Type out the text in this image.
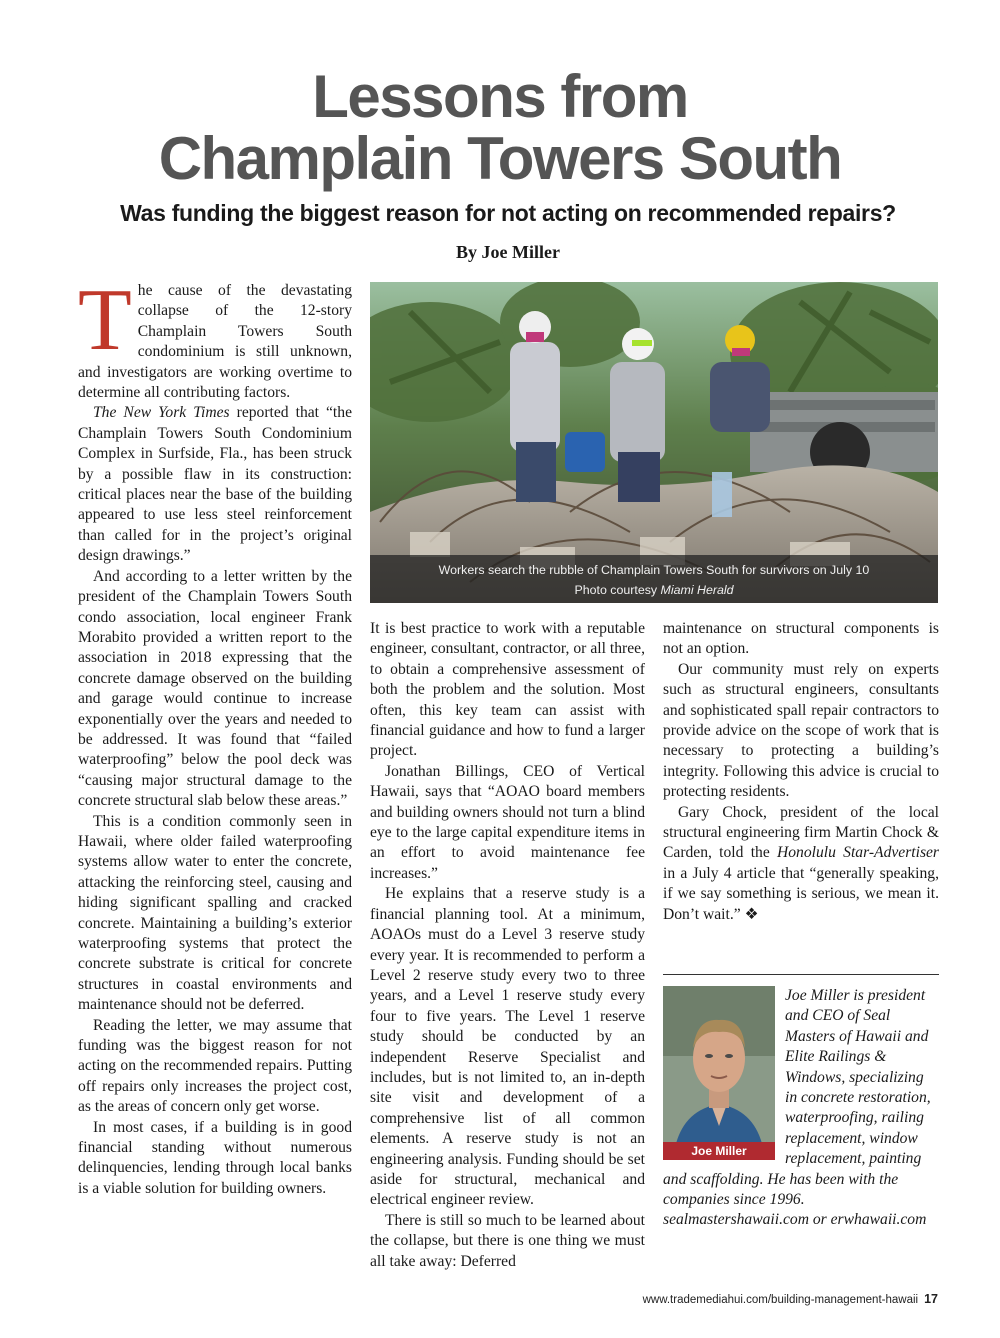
Lessons from
Champlain Towers South
Was funding the biggest reason for not acting on recommended repairs?
By Joe Miller

The cause of the devastating collapse of the 12-story Champlain Towers South condominium is still unknown, and investigators are working overtime to determine all contributing factors.

The New York Times reported that “the Champlain Towers South Condominium Complex in Surfside, Fla., has been struck by a possible flaw in its construction: critical places near the base of the building appeared to use less steel reinforcement than called for in the project’s original design drawings.”

And according to a letter written by the president of the Champlain Towers South condo association, local engineer Frank Morabito provided a written report to the association in 2018 expressing that the concrete damage observed on the building and garage would continue to increase exponentially over the years and needed to be addressed. It was found that “failed waterproofing” below the pool deck was “causing major structural damage to the concrete structural slab below these areas.”

This is a condition commonly seen in Hawaii, where older failed waterproofing systems allow water to enter the concrete, attacking the reinforcing steel, causing and hiding significant spalling and cracked concrete. Maintaining a building’s exterior waterproofing systems that protect the concrete substrate is critical for concrete structures in coastal environments and maintenance should not be deferred.

Reading the letter, we may assume that funding was the biggest reason for not acting on the recommended repairs. Putting off repairs only increases the project cost, as the areas of concern only get worse.

In most cases, if a building is in good financial standing without numerous delinquencies, lending through local banks is a viable solution for building owners.

Workers search the rubble of Champlain Towers South for survivors on July 10
Photo courtesy Miami Herald

It is best practice to work with a reputable engineer, consultant, contractor, or all three, to obtain a comprehensive assessment of both the problem and the solution. Most often, this key team can assist with financial guidance and how to fund a larger project.

Jonathan Billings, CEO of Vertical Hawaii, says that “AOAO board members and building owners should not turn a blind eye to the large capital expenditure items in an effort to avoid maintenance fee increases.”

He explains that a reserve study is a financial planning tool. At a minimum, AOAOs must do a Level 3 reserve study every year. It is recommended to perform a Level 2 reserve study every two to three years, and a Level 1 reserve study every four to five years. The Level 1 reserve study should be conducted by an independent Reserve Specialist and includes, but is not limited to, an in-depth site visit and development of a comprehensive list of all common elements. A reserve study is not an engineering analysis. Funding should be set aside for structural, mechanical and electrical engineer review.

There is still so much to be learned about the collapse, but there is one thing we must all take away: Deferred

maintenance on structural components is not an option.

Our community must rely on experts such as structural engineers, consultants and sophisticated spall repair contractors to provide advice on the scope of work that is necessary to protecting a building’s integrity. Following this advice is crucial to protecting residents.

Gary Chock, president of the local structural engineering firm Martin Chock & Carden, told the Honolulu Star-Advertiser in a July 4 article that “generally speaking, if we say something is serious, we mean it. Don’t wait.” ❖

Joe Miller
Joe Miller is president and CEO of Seal Masters of Hawaii and Elite Railings & Windows, specializing in concrete restoration, waterproofing, railing replacement, window replacement, painting and scaffolding. He has been with the companies since 1996. sealmastershawaii.com or erwhawaii.com
www.trademediahui.com/building-management-hawaii 17
